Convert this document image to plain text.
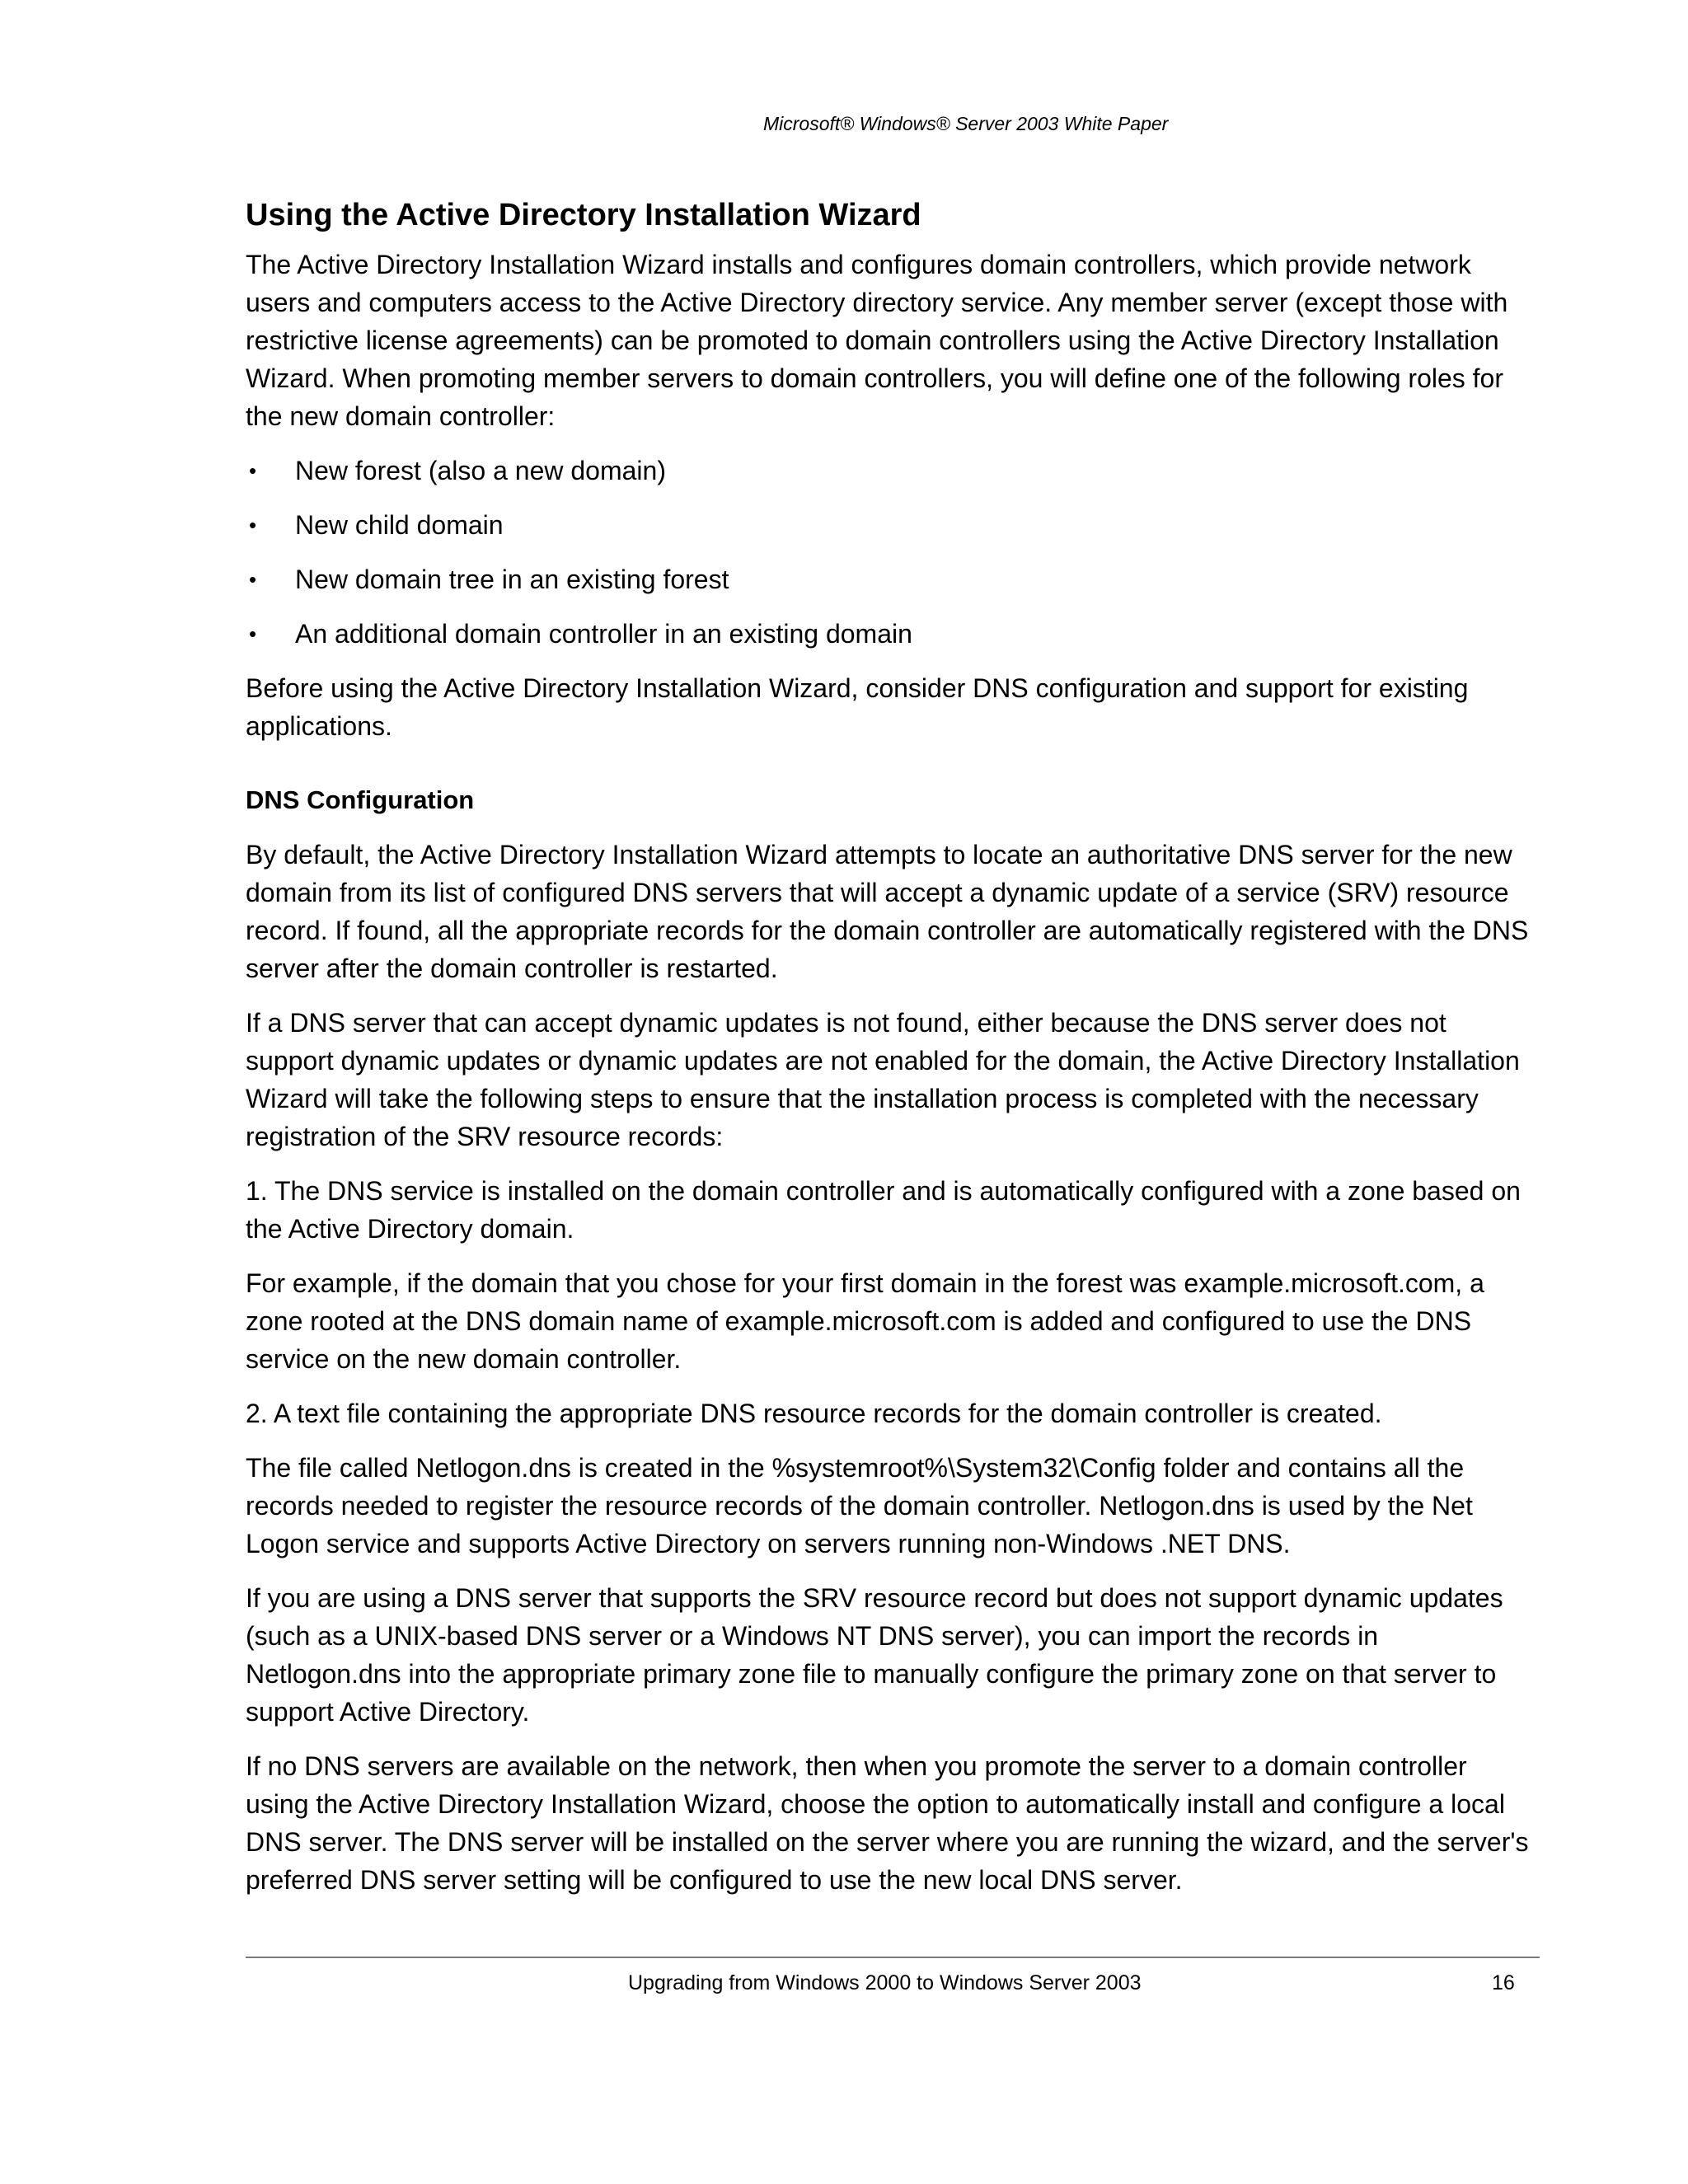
Microsoft® Windows® Server 2003 White Paper
Using the Active Directory Installation Wizard

The Active Directory Installation Wizard installs and configures domain controllers, which provide network users and computers access to the Active Directory directory service. Any member server (except those with restrictive license agreements) can be promoted to domain controllers using the Active Directory Installation Wizard. When promoting member servers to domain controllers, you will define one of the following roles for the new domain controller:

• New forest (also a new domain)
• New child domain
• New domain tree in an existing forest
• An additional domain controller in an existing domain

Before using the Active Directory Installation Wizard, consider DNS configuration and support for existing applications.

DNS Configuration

By default, the Active Directory Installation Wizard attempts to locate an authoritative DNS server for the new domain from its list of configured DNS servers that will accept a dynamic update of a service (SRV) resource record. If found, all the appropriate records for the domain controller are automatically registered with the DNS server after the domain controller is restarted.

If a DNS server that can accept dynamic updates is not found, either because the DNS server does not support dynamic updates or dynamic updates are not enabled for the domain, the Active Directory Installation Wizard will take the following steps to ensure that the installation process is completed with the necessary registration of the SRV resource records:

1. The DNS service is installed on the domain controller and is automatically configured with a zone based on the Active Directory domain.

For example, if the domain that you chose for your first domain in the forest was example.microsoft.com, a zone rooted at the DNS domain name of example.microsoft.com is added and configured to use the DNS service on the new domain controller.

2. A text file containing the appropriate DNS resource records for the domain controller is created.

The file called Netlogon.dns is created in the %systemroot%\System32\Config folder and contains all the records needed to register the resource records of the domain controller. Netlogon.dns is used by the Net Logon service and supports Active Directory on servers running non-Windows .NET DNS.

If you are using a DNS server that supports the SRV resource record but does not support dynamic updates (such as a UNIX-based DNS server or a Windows NT DNS server), you can import the records in Netlogon.dns into the appropriate primary zone file to manually configure the primary zone on that server to support Active Directory.

If no DNS servers are available on the network, then when you promote the server to a domain controller using the Active Directory Installation Wizard, choose the option to automatically install and configure a local DNS server. The DNS server will be installed on the server where you are running the wizard, and the server's preferred DNS server setting will be configured to use the new local DNS server.

Upgrading from Windows 2000 to Windows Server 2003	16
